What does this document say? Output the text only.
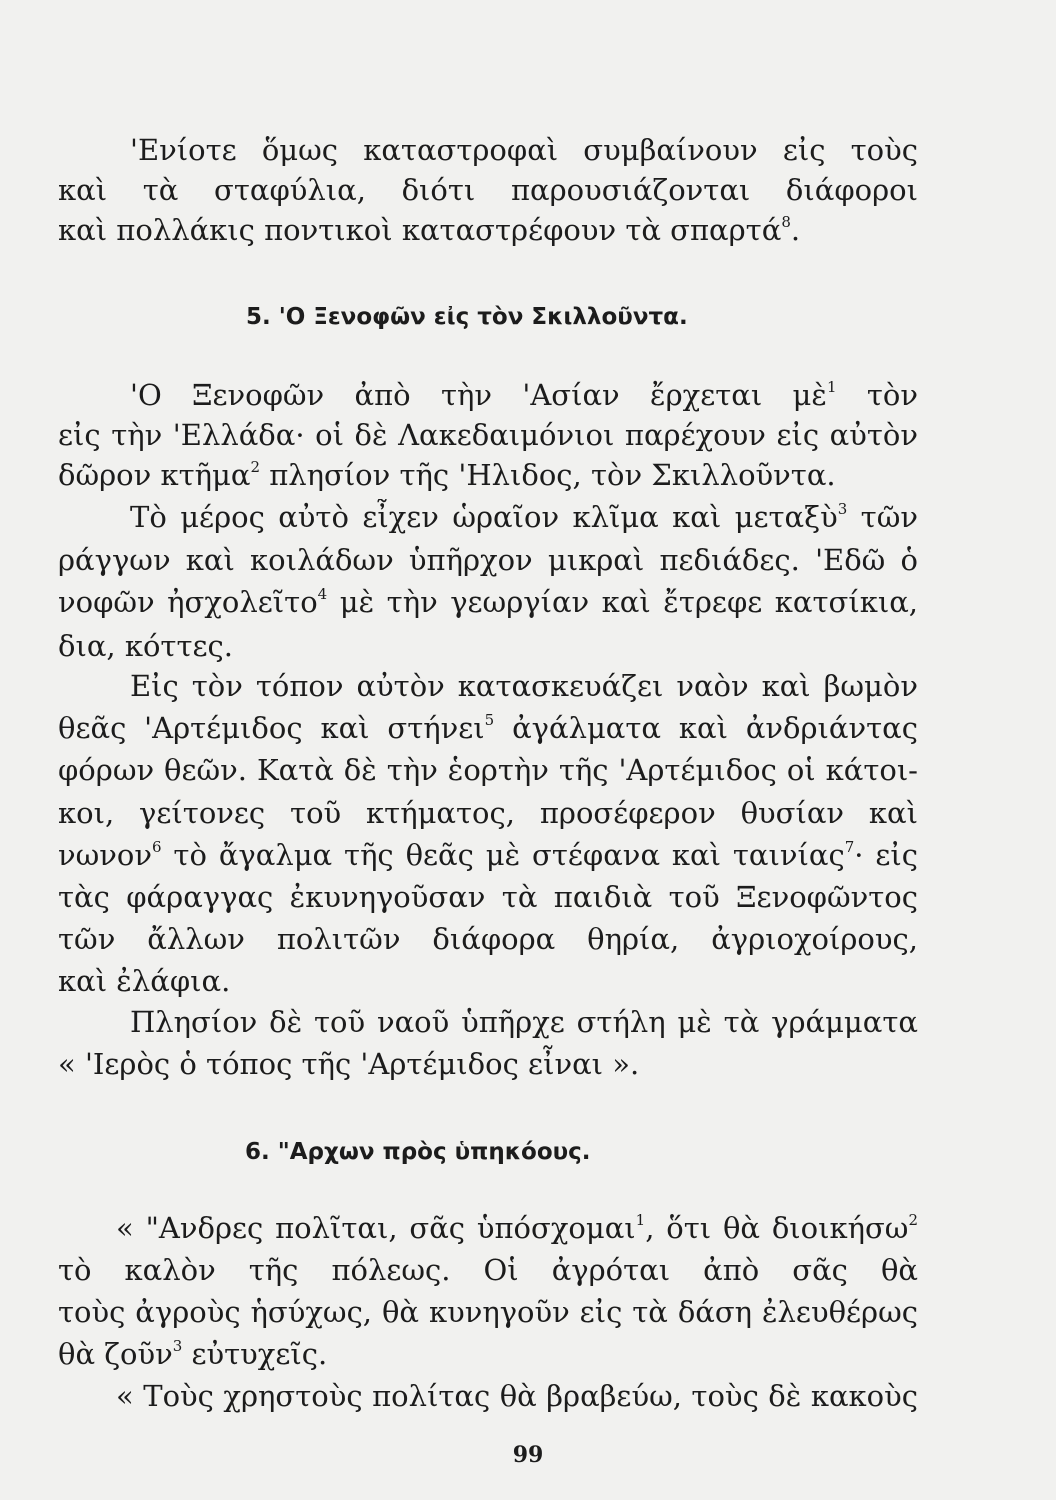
'Ενίοτε ὅμως καταστροφαὶ συμβαίνουν εἰς τοὺς
καὶ τὰ σταφύλια, διότι παρουσιάζονται διάφοροι
καὶ πολλάκις ποντικοὶ καταστρέφουν τὰ σπαρτά$^8$.
'Ο Ξενοφῶν ἀπὸ τὴν 'Ασίαν ἔρχεται μὲ$^1$ τὸν
εἰς τὴν 'Ελλάδα· οἱ δὲ Λακεδαιμόνιοι παρέχουν εἰς αὐτὸν
δῶρον κτῆμα$^2$ πλησίον τῆς 'Ηλιδος, τὸν Σκιλλοῦντα.
Τὸ μέρος αὐτὸ εἶχεν ὡραῖον κλῖμα καὶ μεταξὺ$^3$ τῶν
ράγγων καὶ κοιλάδων ὑπῆρχον μικραὶ πεδιάδες. 'Εδῶ ὁ
νοφῶν ἠσχολεῖτο$^4$ μὲ τὴν γεωργίαν καὶ ἔτρεφε κατσίκια,
δια, κόττες.
Εἰς τὸν τόπον αὐτὸν κατασκευάζει ναὸν καὶ βωμὸν
θεᾶς 'Αρτέμιδος καὶ στήνει$^5$ ἀγάλματα καὶ ἀνδριάντας
φόρων θεῶν. Κατὰ δὲ τὴν ἑορτὴν τῆς 'Αρτέμιδος οἱ κάτοι-
κοι, γείτονες τοῦ κτήματος, προσέφερον θυσίαν καὶ
νωνον$^6$ τὸ ἄγαλμα τῆς θεᾶς μὲ στέφανα καὶ ταινίας$^7$· εἰς
τὰς φάραγγας ἐκυνηγοῦσαν τὰ παιδιὰ τοῦ Ξενοφῶντος
τῶν ἄλλων πολιτῶν διάφορα θηρία, ἀγριοχοίρους,
καὶ ἐλάφια.
Πλησίον δὲ τοῦ ναοῦ ὑπῆρχε στήλη μὲ τὰ γράμματα
« 'Ιερὸς ὁ τόπος τῆς 'Αρτέμιδος εἶναι ».
« "Ανδρες πολῖται, σᾶς ὑπόσχομαι$^1$, ὅτι θὰ διοικήσω$^2$
τὸ καλὸν τῆς πόλεως. Οἱ ἀγρόται ἀπὸ σᾶς θὰ
τοὺς ἀγροὺς ἡσύχως, θὰ κυνηγοῦν εἰς τὰ δάση ἐλευθέρως
θὰ ζοῦν$^3$ εὐτυχεῖς.
« Τοὺς χρηστοὺς πολίτας θὰ βραβεύω, τοὺς δὲ κακοὺς
5. 'Ο Ξενοφῶν εἰς τὸν Σκιλλοῦντα.
6. "Αρχων πρὸς ὑπηκόους.
99
